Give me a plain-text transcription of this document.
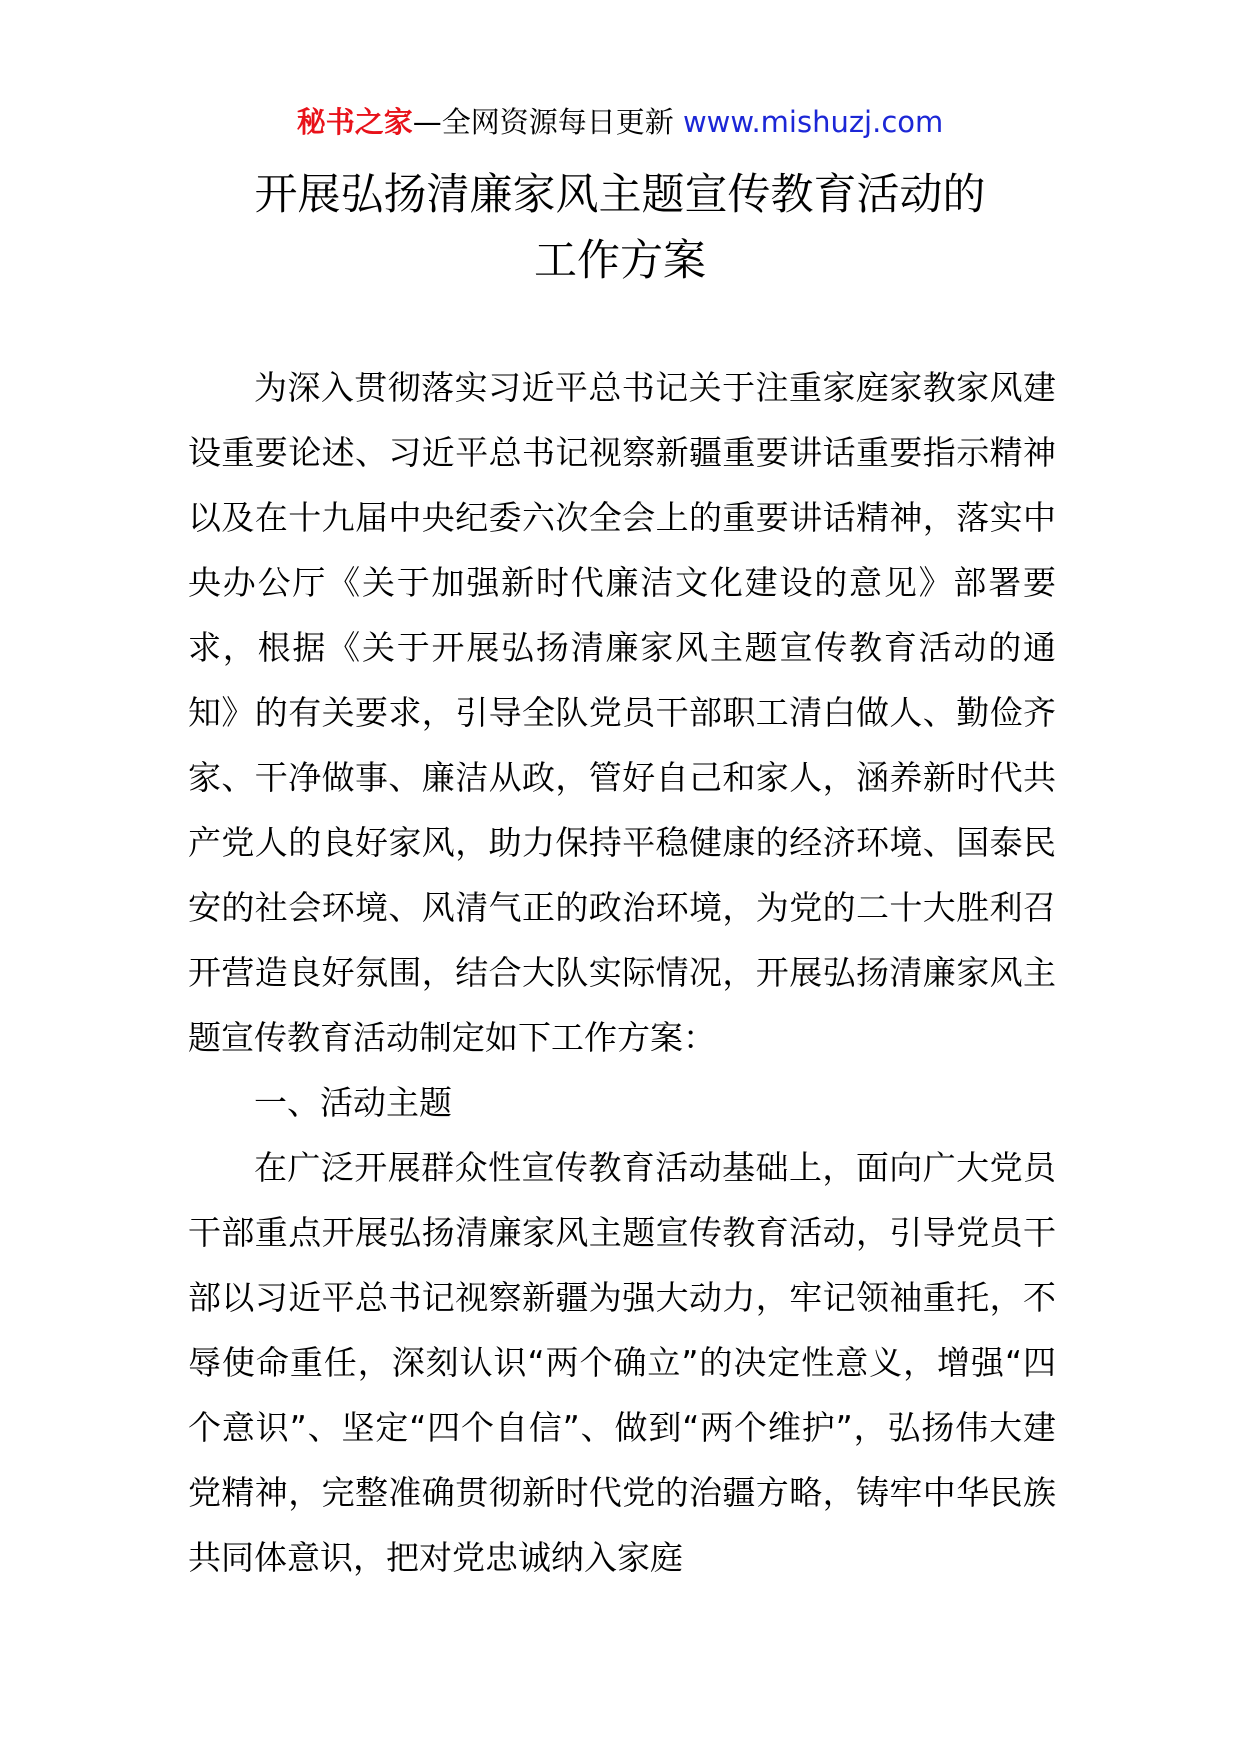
秘书之家—全网资源每日更新 www.mishuzj.com
开展弘扬清廉家风主题宣传教育活动的
工作方案

为深入贯彻落实习近平总书记关于注重家庭家教家风建设重要论述、习近平总书记视察新疆重要讲话重要指示精神以及在十九届中央纪委六次全会上的重要讲话精神，落实中央办公厅《关于加强新时代廉洁文化建设的意见》部署要求，根据《关于开展弘扬清廉家风主题宣传教育活动的通知》的有关要求，引导全队党员干部职工清白做人、勤俭齐家、干净做事、廉洁从政，管好自己和家人，涵养新时代共产党人的良好家风，助力保持平稳健康的经济环境、国泰民安的社会环境、风清气正的政治环境，为党的二十大胜利召开营造良好氛围，结合大队实际情况，开展弘扬清廉家风主题宣传教育活动制定如下工作方案：

一、活动主题

在广泛开展群众性宣传教育活动基础上，面向广大党员干部重点开展弘扬清廉家风主题宣传教育活动，引导党员干部以习近平总书记视察新疆为强大动力，牢记领袖重托，不辱使命重任，深刻认识“两个确立”的决定性意义，增强“四个意识”、坚定“四个自信”、做到“两个维护”，弘扬伟大建党精神，完整准确贯彻新时代党的治疆方略，铸牢中华民族共同体意识，把对党忠诚纳入家庭
